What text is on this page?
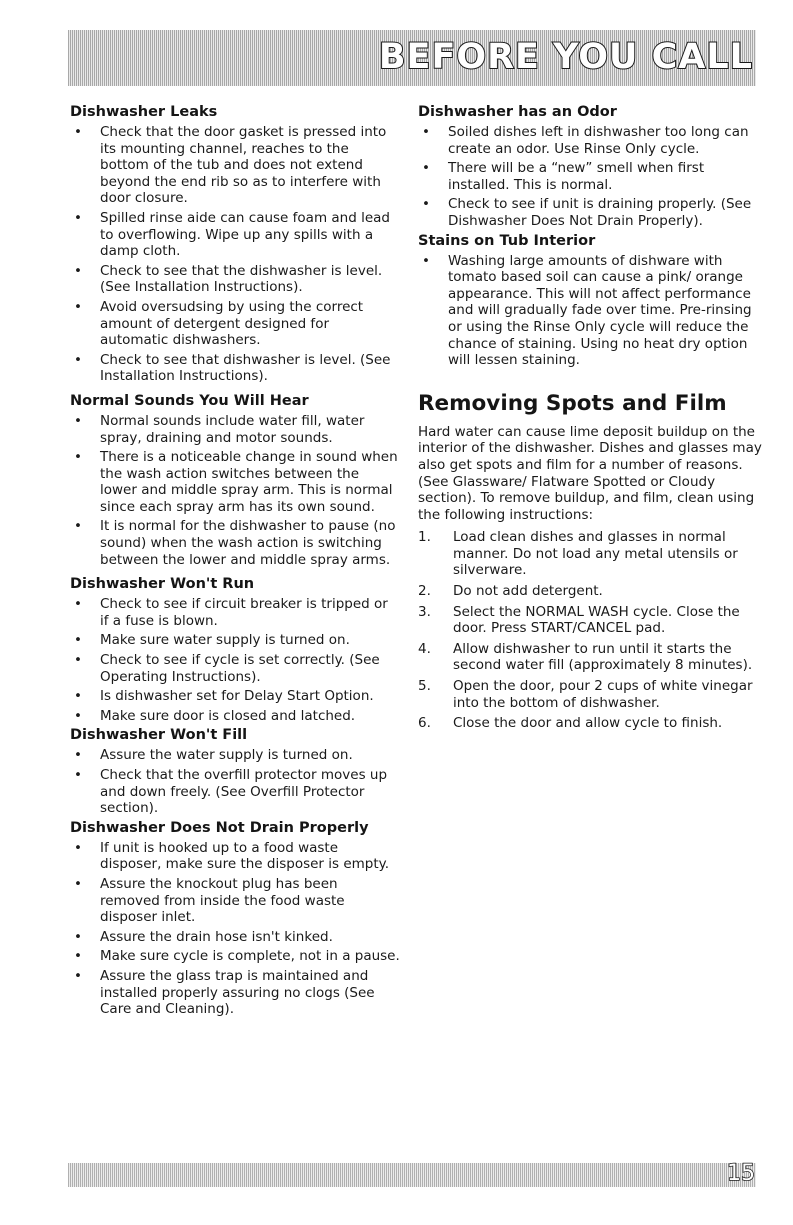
BEFORE YOU CALL
Dishwasher Leaks
• Check that the door gasket is pressed into its mounting channel, reaches to the bottom of the tub and does not extend beyond the end rib so as to interfere with door closure.
• Spilled rinse aide can cause foam and lead to overflowing. Wipe up any spills with a damp cloth.
• Check to see that the dishwasher is level. (See Installation Instructions).
• Avoid oversudsing by using the correct amount of detergent designed for automatic dishwashers.
• Check to see that dishwasher is level. (See Installation Instructions).
Normal Sounds You Will Hear
• Normal sounds include water fill, water spray, draining and motor sounds.
• There is a noticeable change in sound when the wash action switches between the lower and middle spray arm. This is normal since each spray arm has its own sound.
• It is normal for the dishwasher to pause (no sound) when the wash action is switching between the lower and middle spray arms.
Dishwasher Won't Run
• Check to see if circuit breaker is tripped or if a fuse is blown.
• Make sure water supply is turned on.
• Check to see if cycle is set correctly. (See Operating Instructions).
• Is dishwasher set for Delay Start Option.
• Make sure door is closed and latched.
Dishwasher Won't Fill
• Assure the water supply is turned on.
• Check that the overfill protector moves up and down freely. (See Overfill Protector section).
Dishwasher Does Not Drain Properly
• If unit is hooked up to a food waste disposer, make sure the disposer is empty.
• Assure the knockout plug has been removed from inside the food waste disposer inlet.
• Assure the drain hose isn't kinked.
• Make sure cycle is complete, not in a pause.
• Assure the glass trap is maintained and installed properly assuring no clogs (See Care and Cleaning).
Dishwasher has an Odor
• Soiled dishes left in dishwasher too long can create an odor. Use Rinse Only cycle.
• There will be a “new” smell when first installed. This is normal.
• Check to see if unit is draining properly. (See Dishwasher Does Not Drain Properly).
Stains on Tub Interior
• Washing large amounts of dishware with tomato based soil can cause a pink/ orange appearance. This will not affect performance and will gradually fade over time. Pre-rinsing or using the Rinse Only cycle will reduce the chance of staining. Using no heat dry option will lessen staining.
Removing Spots and Film

Hard water can cause lime deposit buildup on the interior of the dishwasher. Dishes and glasses may also get spots and film for a number of reasons. (See Glassware/ Flatware Spotted or Cloudy section). To remove buildup, and film, clean using the following instructions:

1. Load clean dishes and glasses in normal manner. Do not load any metal utensils or silverware.
2. Do not add detergent.
3. Select the NORMAL WASH cycle. Close the door. Press START/CANCEL pad.
4. Allow dishwasher to run until it starts the second water fill (approximately 8 minutes).
5. Open the door, pour 2 cups of white vinegar into the bottom of dishwasher.
6. Close the door and allow cycle to finish.
15
